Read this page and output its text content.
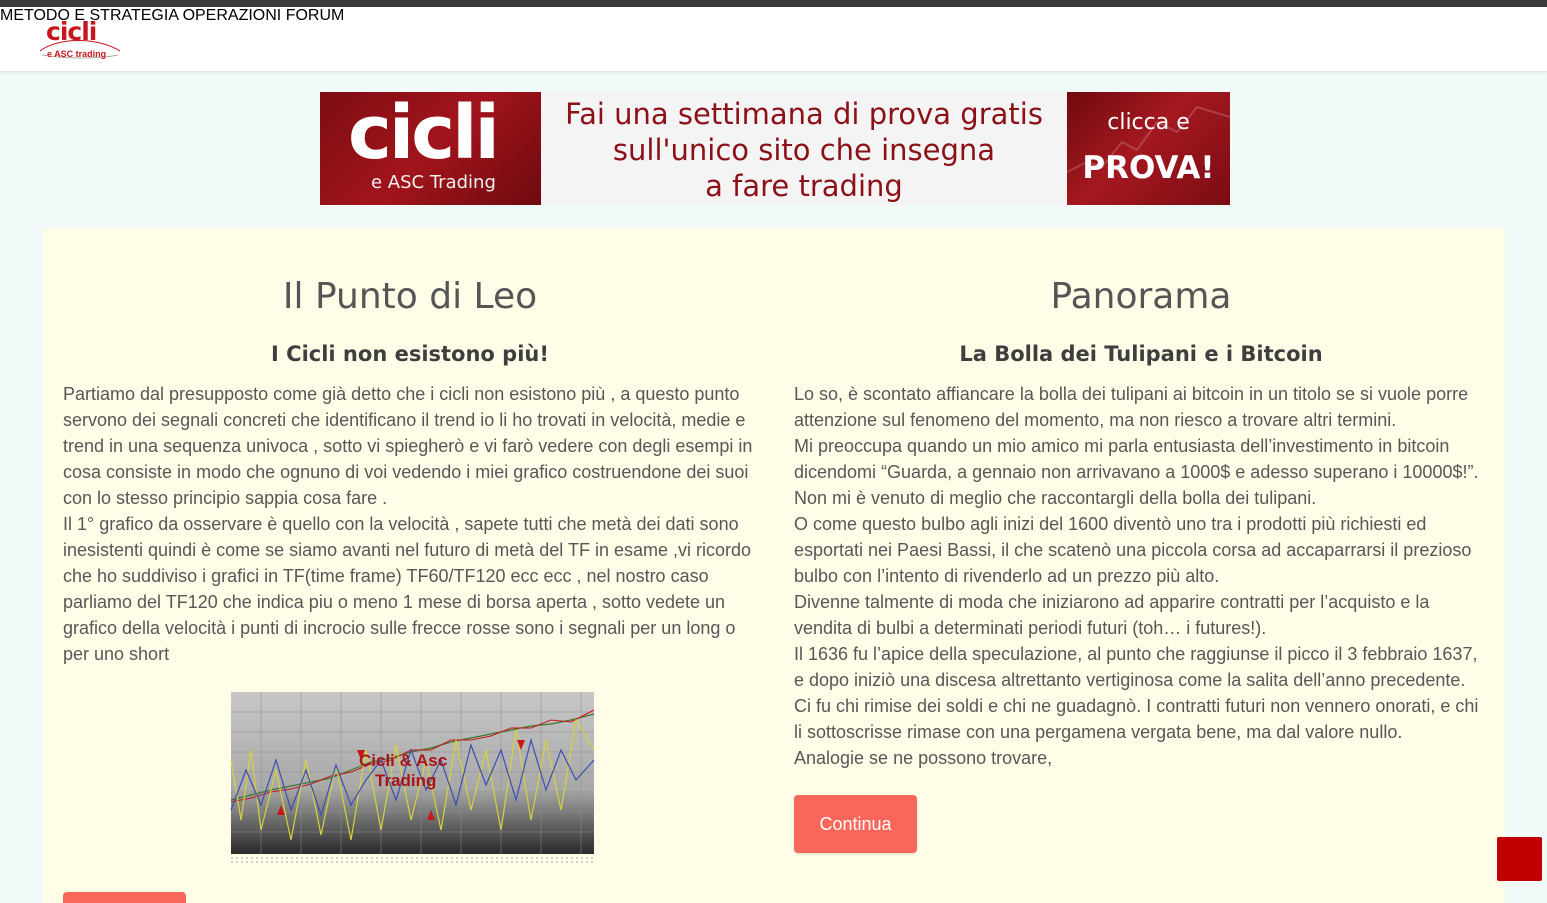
cicli
e ASC trading
METODO E STRATEGIA OPERAZIONI FORUM
cicli
e ASC Trading
Fai una settimana di prova gratis
sull'unico sito che insegna
a fare trading
clicca e
PROVA!
Il Punto di Leo
I Cicli non esistono più!

Partiamo dal presupposto come già detto che i cicli non esistono più , a questo punto servono dei segnali concreti che identificano il trend io li ho trovati in velocità, medie e trend in una sequenza univoca , sotto vi spiegherò e vi farò vedere con degli esempi in cosa consiste in modo che ognuno di voi vedendo i miei grafico costruendone dei suoi con lo stesso principio sappia cosa fare .

Il 1° grafico da osservare è quello con la velocità , sapete tutti che metà dei dati sono inesistenti quindi è come se siamo avanti nel futuro di metà del TF in esame ,vi ricordo che ho suddiviso i grafici in TF(time frame) TF60/TF120 ecc ecc , nel nostro caso parliamo del TF120 che indica piu o meno 1 mese di borsa aperta , sotto vedete un grafico della velocità i punti di incrocio sulle frecce rosse sono i segnali per un long o per uno short

Cicli & Asc
Trading
Panorama
La Bolla dei Tulipani e i Bitcoin

Lo so, è scontato affiancare la bolla dei tulipani ai bitcoin in un titolo se si vuole porre attenzione sul fenomeno del momento, ma non riesco a trovare altri termini.

Mi preoccupa quando un mio amico mi parla entusiasta dell’investimento in bitcoin dicendomi “Guarda, a gennaio non arrivavano a 1000$ e adesso superano i 10000$!”.

Non mi è venuto di meglio che raccontargli della bolla dei tulipani.

O come questo bulbo agli inizi del 1600 diventò uno tra i prodotti più richiesti ed esportati nei Paesi Bassi, il che scatenò una piccola corsa ad accaparrarsi il prezioso bulbo con l’intento di rivenderlo ad un prezzo più alto.

Divenne talmente di moda che iniziarono ad apparire contratti per l’acquisto e la vendita di bulbi a determinati periodi futuri (toh… i futures!).

Il 1636 fu l’apice della speculazione, al punto che raggiunse il picco il 3 febbraio 1637, e dopo iniziò una discesa altrettanto vertiginosa come la salita dell’anno precedente.

Ci fu chi rimise dei soldi e chi ne guadagnò. I contratti futuri non vennero onorati, e chi li sottoscrisse rimase con una pergamena vergata bene, ma dal valore nullo.

Analogie se ne possono trovare,

Continua
